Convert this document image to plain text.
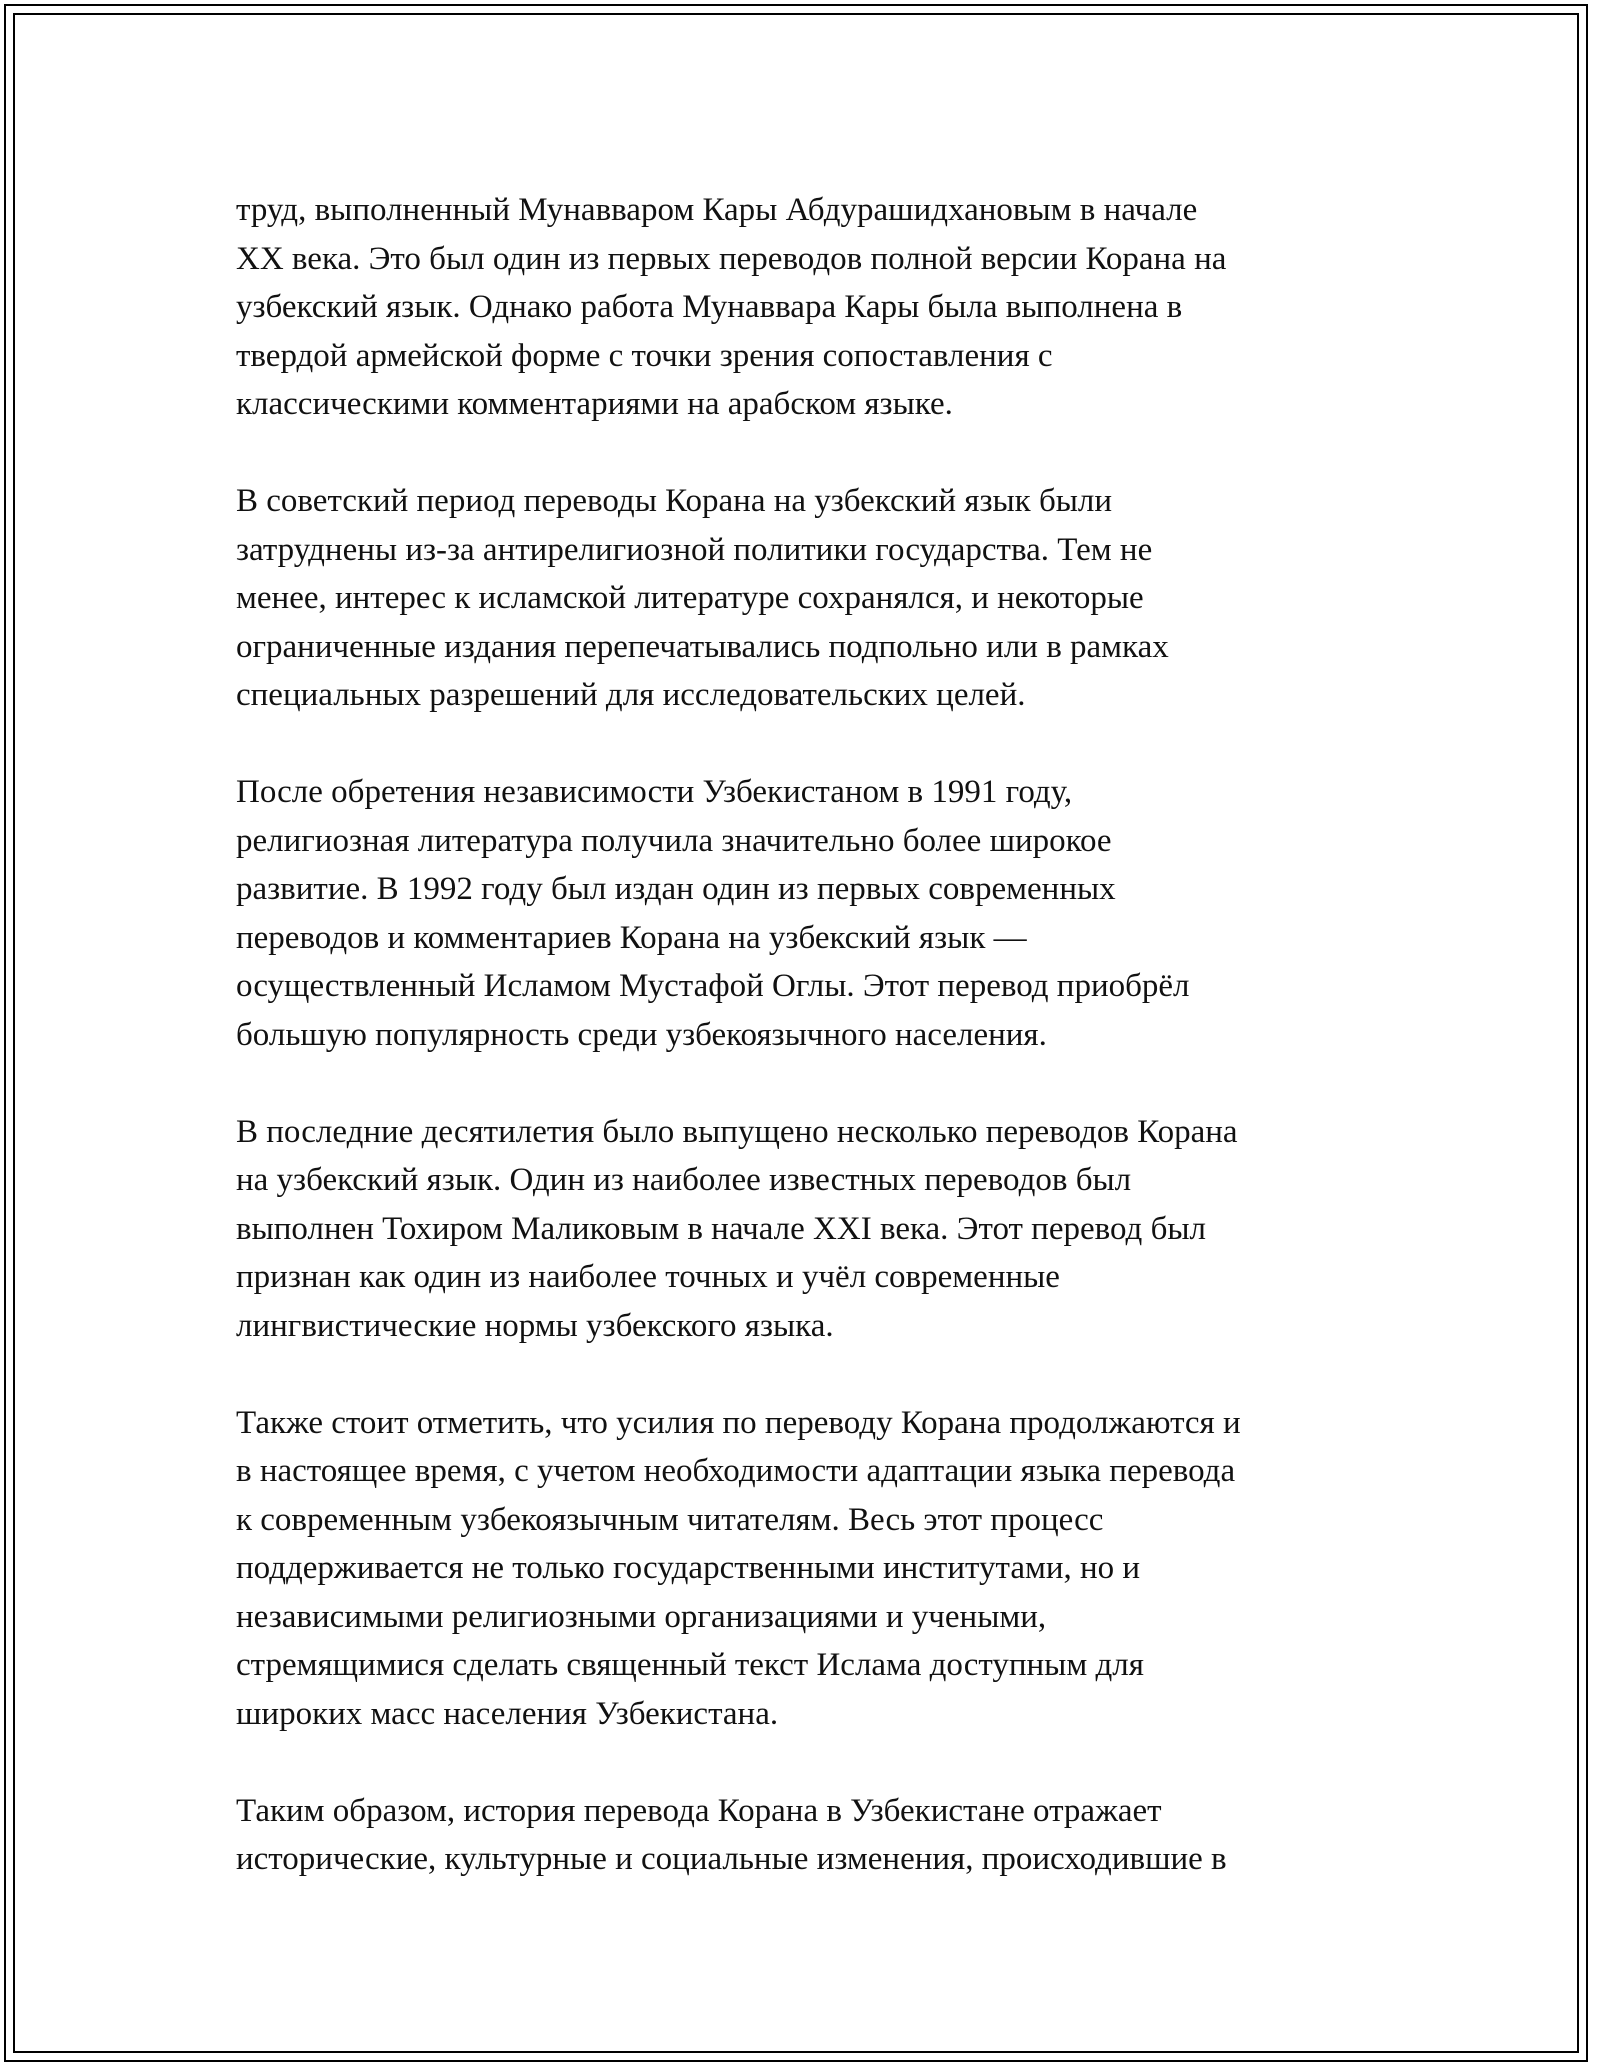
труд, выполненный Мунавваром Кары Абдурашидхановым в начале
XX века. Это был один из первых переводов полной версии Корана на
узбекский язык. Однако работа Мунаввара Кары была выполнена в
твердой армейской форме с точки зрения сопоставления с
классическими комментариями на арабском языке.

В советский период переводы Корана на узбекский язык были
затруднены из-за антирелигиозной политики государства. Тем не
менее, интерес к исламской литературе сохранялся, и некоторые
ограниченные издания перепечатывались подпольно или в рамках
специальных разрешений для исследовательских целей.

После обретения независимости Узбекистаном в 1991 году,
религиозная литература получила значительно более широкое
развитие. В 1992 году был издан один из первых современных
переводов и комментариев Корана на узбекский язык —
осуществленный Исламом Мустафой Оглы. Этот перевод приобрёл
большую популярность среди узбекоязычного населения.

В последние десятилетия было выпущено несколько переводов Корана
на узбекский язык. Один из наиболее известных переводов был
выполнен Тохиром Маликовым в начале XXI века. Этот перевод был
признан как один из наиболее точных и учёл современные
лингвистические нормы узбекского языка.

Также стоит отметить, что усилия по переводу Корана продолжаются и
в настоящее время, с учетом необходимости адаптации языка перевода
к современным узбекоязычным читателям. Весь этот процесс
поддерживается не только государственными институтами, но и
независимыми религиозными организациями и учеными,
стремящимися сделать священный текст Ислама доступным для
широких масс населения Узбекистана.

Таким образом, история перевода Корана в Узбекистане отражает
исторические, культурные и социальные изменения, происходившие в
